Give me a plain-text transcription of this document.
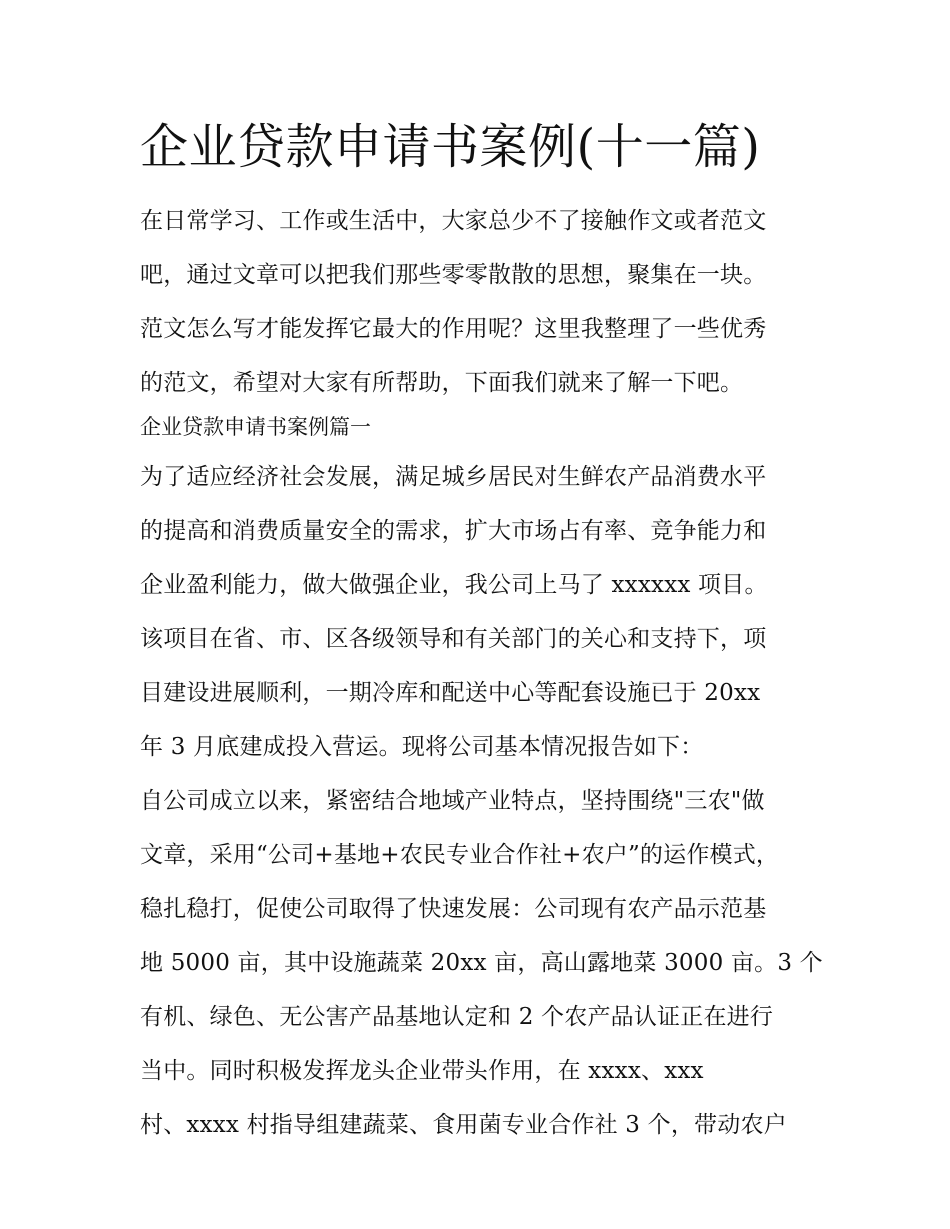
企业贷款申请书案例(十一篇)
在日常学习、工作或生活中，大家总少不了接触作文或者范文
吧，通过文章可以把我们那些零零散散的思想，聚集在一块。
范文怎么写才能发挥它最大的作用呢？这里我整理了一些优秀
的范文，希望对大家有所帮助，下面我们就来了解一下吧。
企业贷款申请书案例篇一
为了适应经济社会发展，满足城乡居民对生鲜农产品消费水平
的提高和消费质量安全的需求，扩大市场占有率、竞争能力和
企业盈利能力，做大做强企业，我公司上马了 xxxxxx 项目。
该项目在省、市、区各级领导和有关部门的关心和支持下，项
目建设进展顺利，一期冷库和配送中心等配套设施已于 20xx
年 3 月底建成投入营运。现将公司基本情况报告如下：
自公司成立以来，紧密结合地域产业特点，坚持围绕"三农"做
文章，采用“公司+基地+农民专业合作社+农户”的运作模式，
稳扎稳打，促使公司取得了快速发展：公司现有农产品示范基
地 5000 亩，其中设施蔬菜 20xx 亩，高山露地菜 3000 亩。3 个
有机、绿色、无公害产品基地认定和 2 个农产品认证正在进行
当中。同时积极发挥龙头企业带头作用，在 xxxx、xxx
村、xxxx 村指导组建蔬菜、食用菌专业合作社 3 个，带动农户
